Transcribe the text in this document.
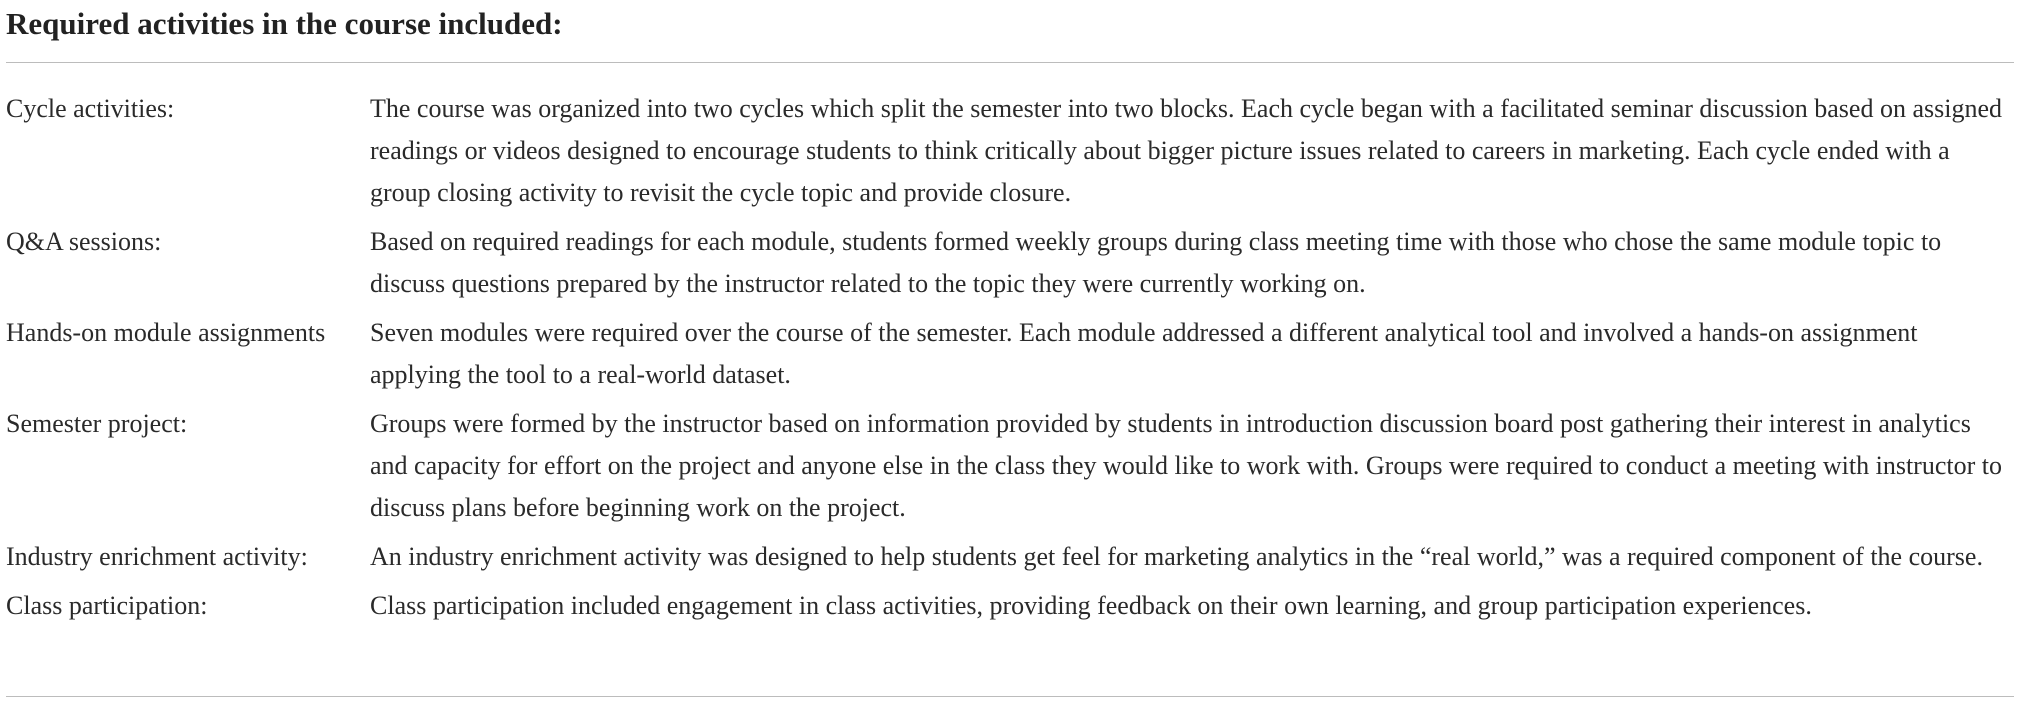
Required activities in the course included:
Cycle activities:	The course was organized into two cycles which split the semester into two blocks. Each cycle began with a facilitated seminar discussion based on assigned readings or videos designed to encourage students to think critically about bigger picture issues related to careers in marketing. Each cycle ended with a group closing activity to revisit the cycle topic and provide closure.
Q&A sessions:	Based on required readings for each module, students formed weekly groups during class meeting time with those who chose the same module topic to discuss questions prepared by the instructor related to the topic they were currently working on.
Hands-on module assignments	Seven modules were required over the course of the semester. Each module addressed a different analytical tool and involved a hands-on assignment applying the tool to a real-world dataset.
Semester project:	Groups were formed by the instructor based on information provided by students in introduction discussion board post gathering their interest in analytics and capacity for effort on the project and anyone else in the class they would like to work with. Groups were required to conduct a meeting with instructor to discuss plans before beginning work on the project.
Industry enrichment activity:	An industry enrichment activity was designed to help students get feel for marketing analytics in the “real world,” was a required component of the course.
Class participation:	Class participation included engagement in class activities, providing feedback on their own learning, and group participation experiences.
